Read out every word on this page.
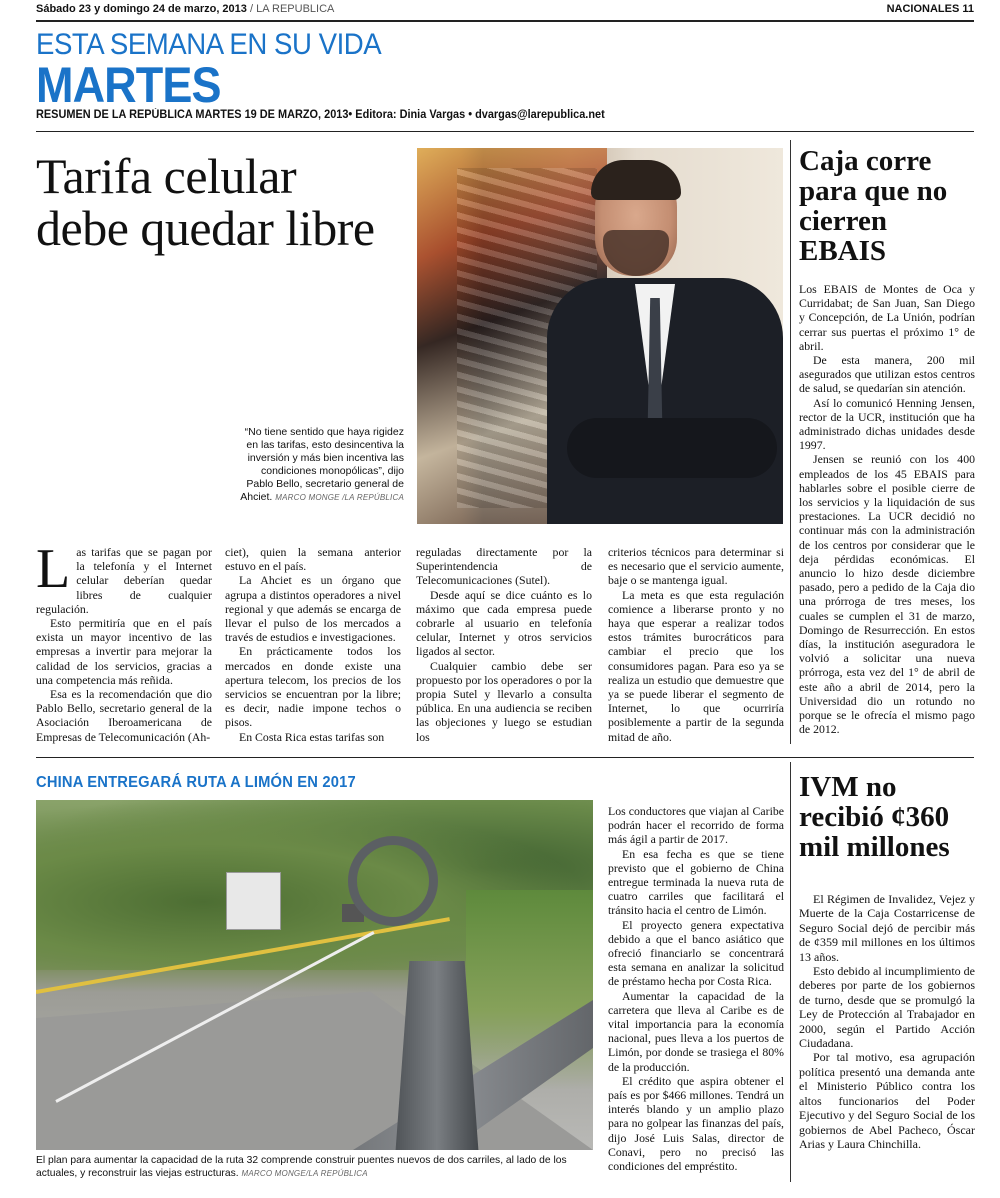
Sábado 23 y domingo 24 de marzo, 2013 / LA REPUBLICA	NACIONALES 11
ESTA SEMANA EN SU VIDA
MARTES
RESUMEN DE LA REPÚBLICA MARTES 19 DE MARZO, 2013• Editora: Dinia Vargas • dvargas@larepublica.net
Tarifa celular debe quedar libre
“No tiene sentido que haya rigidez en las tarifas, esto desincentiva la inversión y más bien incentiva las condiciones monopólicas”, dijo Pablo Bello, secretario general de Ahciet. MARCO MONGE /LA REPÚBLICA

Las tarifas que se pagan por la telefonía y el Internet celular deberían quedar libres de cualquier regulación.

Esto permitiría que en el país exista un mayor incentivo de las empresas a invertir para mejorar la calidad de los servicios, gracias a una competencia más reñida.

Esa es la recomendación que dio Pablo Bello, secretario general de la Asociación Iberoamericana de Empresas de Telecomunicación (Ah-

ciet), quien la semana anterior estuvo en el país.

La Ahciet es un órgano que agrupa a distintos operadores a nivel regional y que además se encarga de llevar el pulso de los mercados a través de estudios e investigaciones.

En prácticamente todos los mercados en donde existe una apertura telecom, los precios de los servicios se encuentran por la libre; es decir, nadie impone techos o pisos.

En Costa Rica estas tarifas son

reguladas directamente por la Superintendencia de Telecomunicaciones (Sutel).

Desde aquí se dice cuánto es lo máximo que cada empresa puede cobrarle al usuario en telefonía celular, Internet y otros servicios ligados al sector.

Cualquier cambio debe ser propuesto por los operadores o por la propia Sutel y llevarlo a consulta pública. En una audiencia se reciben las objeciones y luego se estudian los

criterios técnicos para determinar si es necesario que el servicio aumente, baje o se mantenga igual.

La meta es que esta regulación comience a liberarse pronto y no haya que esperar a realizar todos estos trámites burocráticos para cambiar el precio que los consumidores pagan. Para eso ya se realiza un estudio que demuestre que ya se puede liberar el segmento de Internet, lo que ocurriría posiblemente a partir de la segunda mitad de año.

Caja corre para que no cierren EBAIS

Los EBAIS de Montes de Oca y Curridabat; de San Juan, San Diego y Concepción, de La Unión, podrían cerrar sus puertas el próximo 1° de abril.

De esta manera, 200 mil asegurados que utilizan estos centros de salud, se quedarían sin atención.

Así lo comunicó Henning Jensen, rector de la UCR, institución que ha administrado dichas unidades desde 1997.

Jensen se reunió con los 400 empleados de los 45 EBAIS para hablarles sobre el posible cierre de los servicios y la liquidación de sus prestaciones. La UCR decidió no continuar más con la administración de los centros por considerar que le deja pérdidas económicas. El anuncio lo hizo desde diciembre pasado, pero a pedido de la Caja dio una prórroga de tres meses, los cuales se cumplen el 31 de marzo, Domingo de Resurrección. En estos días, la institución aseguradora le volvió a solicitar una nueva prórroga, esta vez del 1° de abril de este año a abril de 2014, pero la Universidad dio un rotundo no porque se le ofrecía el mismo pago de 2012.

CHINA ENTREGARÁ RUTA A LIMÓN EN 2017
El plan para aumentar la capacidad de la ruta 32 comprende construir puentes nuevos de dos carriles, al lado de los actuales, y reconstruir las viejas estructuras. MARCO MONGE/LA REPÚBLICA

Los conductores que viajan al Caribe podrán hacer el recorrido de forma más ágil a partir de 2017.

En esa fecha es que se tiene previsto que el gobierno de China entregue terminada la nueva ruta de cuatro carriles que facilitará el tránsito hacia el centro de Limón.

El proyecto genera expectativa debido a que el banco asiático que ofreció financiarlo se concentrará esta semana en analizar la solicitud de préstamo hecha por Costa Rica.

Aumentar la capacidad de la carretera que lleva al Caribe es de vital importancia para la economía nacional, pues lleva a los puertos de Limón, por donde se trasiega el 80% de la producción.

El crédito que aspira obtener el país es por $466 millones. Tendrá un interés blando y un amplio plazo para no golpear las finanzas del país, dijo José Luis Salas, director de Conavi, pero no precisó las condiciones del empréstito.

IVM no recibió ¢360 mil millones

El Régimen de Invalidez, Vejez y Muerte de la Caja Costarricense de Seguro Social dejó de percibir más de ¢359 mil millones en los últimos 13 años.

Esto debido al incumplimiento de deberes por parte de los gobiernos de turno, desde que se promulgó la Ley de Protección al Trabajador en 2000, según el Partido Acción Ciudadana.

Por tal motivo, esa agrupación política presentó una demanda ante el Ministerio Público contra los altos funcionarios del Poder Ejecutivo y del Seguro Social de los gobiernos de Abel Pacheco, Óscar Arias y Laura Chinchilla.
